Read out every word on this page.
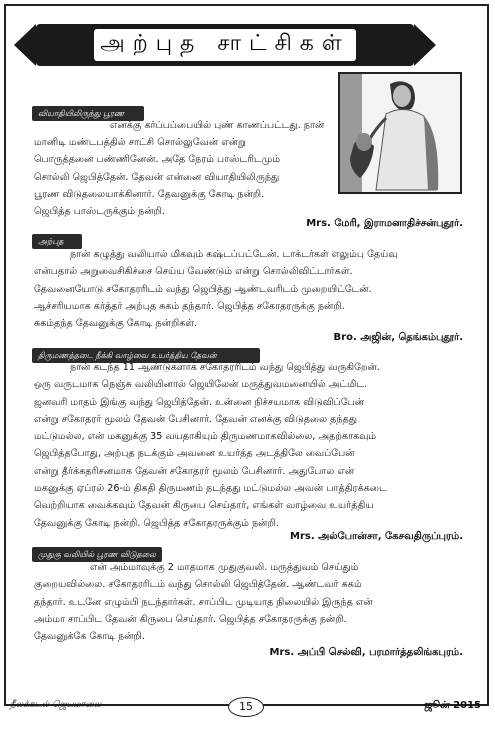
அற்புத சாட்சிகள்
வியாதியிலிருந்து பூரண விடுதலை	எனக்கு கர்ப்பப்பையில் புண் காணப்பட்டது. நான்
மானிடி மண்டபத்தில் சாட்சி சொல்லுவேன் என்று
பொருத்தனை பண்ணினேன். அதே நேரம் பாஸ்டரிடமும்
சொல்லி ஜெபித்தேன். தேவன் என்னை வியாதியிலிருந்து
பூரண விடுதலையாக்கினார். தேவனுக்கு கோடி நன்றி.
ஜெபித்த பாஸ்டருக்கும் நன்றி.
Mrs. மேரி, இராமனாதிச்சன்புதூர்.
அற்புத சுகம்	நான் கழுத்து வலியால் மிகவும் கஷ்டப்பட்டேன். டாக்டர்கள் எலும்பு தேய்வு
என்பதால் அறுவைசிகிச்சை செய்ய வேண்டும் என்று சொல்லிவிட்டார்கள்.
தேவனையோடு சகோதரரிடம் வந்து ஜெபித்து ஆண்டவரிடம் முறையிட்டேன்.
ஆச்சரியமாக கர்த்தர் அற்புத சுகம் தந்தார். ஜெபித்த சகோதரருக்கு நன்றி.
சுகம்தந்த தேவனுக்கு கோடி நன்றிகள்.
Bro. அஜின், தெங்கம்புதூர்.
திருமணத்தடை நீக்கி வாழ்வை உயர்த்திய தேவன்
நான் கடந்த 11 ஆண்டுகளாக சகோதரரிடம் வந்து ஜெபித்து வருகிறேன்.
ஒரு வருடமாக நெஞ்சு வலியினால் ஜெயிலேன் மருத்துவமனையில் அட்மிட.
ஜனவரி மாதம் இங்கு வந்து ஜெபித்தேன். உன்னை நிச்சயமாக விடுவிப்பேன்
என்று சகோதரர் மூலம் தேவன் பேசினார். தேவன் எனக்கு விடுதலை தந்தது
மட்டுமல்ல, என் மகனுக்கு 35 வயதாகியும் திருமணமாகவில்லை, அதற்காகவும்
ஜெபித்தபோது, அற்புத நடக்கும் அவனை உயர்த்த அடத்திலே வைப்பேன்
என்று தீர்க்கதரிசனமாக தேவன் சகோதரர் மூலம் பேசினார். அதுபோல என்
மகனுக்கு ஏப்ரல் 26-ம் திகதி திருமணம் நடந்தது மட்டுமல்ல அவன் பாத்திரக்கடை
வெற்றியாக வைக்கவும் தேவன் கிருபை செய்தார், எங்கள் வாழ்வை உயர்த்திய
தேவனுக்கு கோடி நன்றி. ஜெபித்த சகோதரருக்கும் நன்றி.
Mrs. அல்போன்சா, கேசவதிருப்புரம்.
முதுகு வலியில் பூரண விடுதலை
என் அம்மாவுக்கு 2 மாதமாக முதுகுவலி. மருத்துவம் செய்தும்
குறையவில்லை. சகோதரரிடம் வந்து சொல்லி ஜெபித்தேன். ஆண்டவர் சுகம்
தந்தார். உடனே எழும்பி நடந்தார்கள். சாப்பிட முடியாத நிலையில் இருந்த என்
அம்மா சாப்பிட தேவன் கிருபை செய்தார். ஜெபித்த சகோதரருக்கு நன்றி.
தேவனுக்கே கோடி நன்றி.
Mrs. அப்பி செல்வி, பரமார்த்தலிங்கபுரம்.
நீலக்கடல் ஜெபமாலை	15	ஜூன் 2015
